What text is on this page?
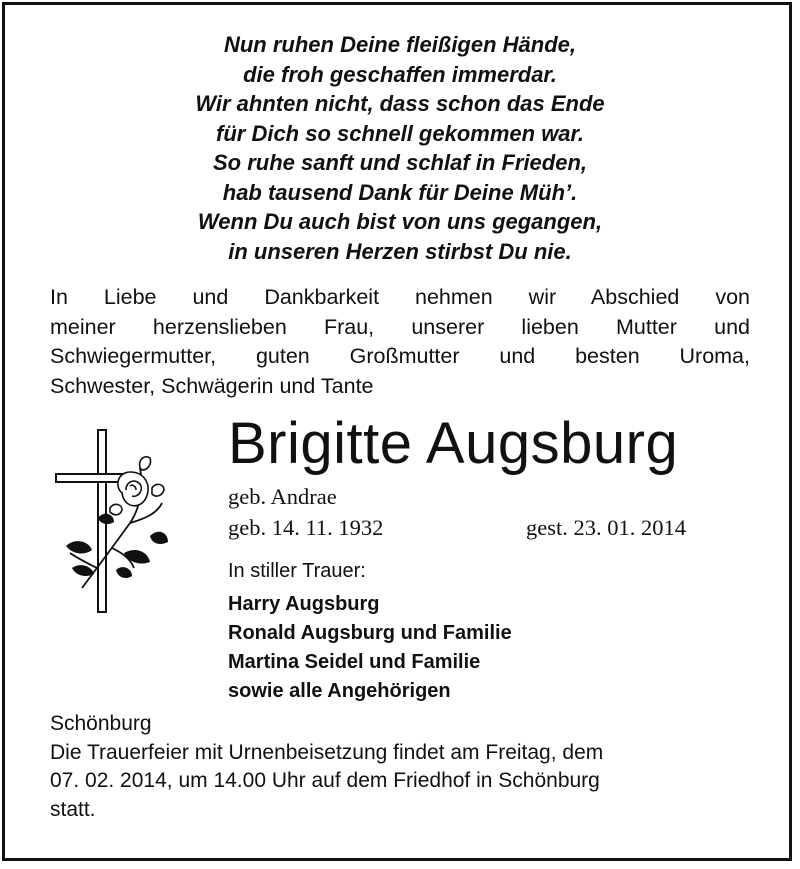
Nun ruhen Deine fleißigen Hände,
die froh geschaffen immerdar.
Wir ahnten nicht, dass schon das Ende
für Dich so schnell gekommen war.
So ruhe sanft und schlaf in Frieden,
hab tausend Dank für Deine Müh’.
Wenn Du auch bist von uns gegangen,
in unseren Herzen stirbst Du nie.
In Liebe und Dankbarkeit nehmen wir Abschied von
meiner herzenslieben Frau, unserer lieben Mutter und
Schwiegermutter, guten Großmutter und besten Uroma,
Schwester, Schwägerin und Tante
Brigitte Augsburg
geb. Andrae
geb. 14. 11. 1932	gest. 23. 01. 2014
In stiller Trauer:
Harry Augsburg
Ronald Augsburg und Familie
Martina Seidel und Familie
sowie alle Angehörigen
Schönburg
Die Trauerfeier mit Urnenbeisetzung findet am Freitag, dem
07. 02. 2014, um 14.00 Uhr auf dem Friedhof in Schönburg
statt.
